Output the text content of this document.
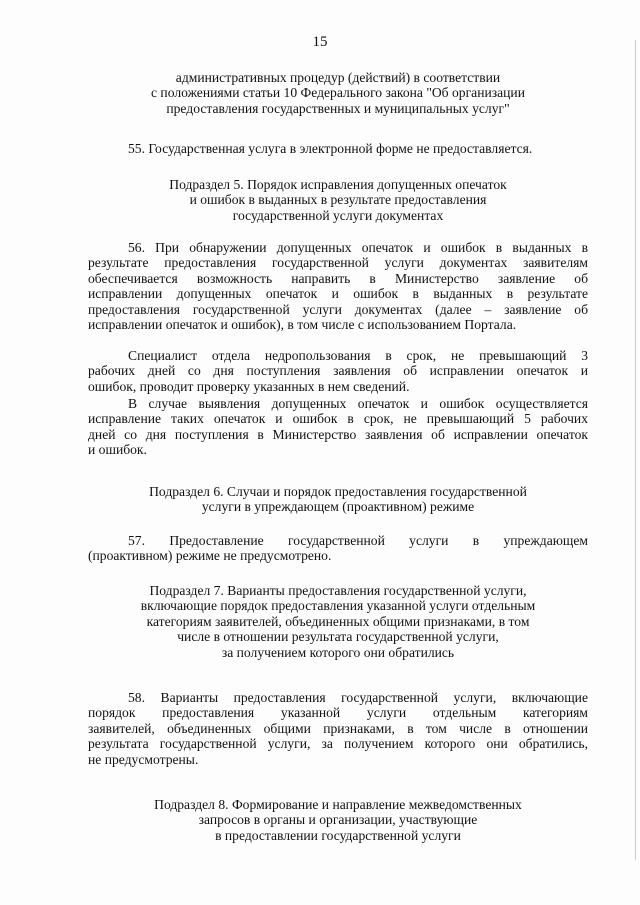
15
административных процедур (действий) в соответствии
с положениями статьи 10 Федерального закона "Об организации
предоставления государственных и муниципальных услуг"
55. Государственная услуга в электронной форме не предоставляется.
Подраздел 5. Порядок исправления допущенных опечаток
и ошибок в выданных в результате предоставления
государственной услуги документах
56. При обнаружении допущенных опечаток и ошибок в выданных в
результате предоставления государственной услуги документах заявителям
обеспечивается возможность направить в Министерство заявление об
исправлении допущенных опечаток и ошибок в выданных в результате
предоставления государственной услуги документах (далее – заявление об
исправлении опечаток и ошибок), в том числе с использованием Портала.
Специалист отдела недропользования в срок, не превышающий 3
рабочих дней со дня поступления заявления об исправлении опечаток и
ошибок, проводит проверку указанных в нем сведений.
В случае выявления допущенных опечаток и ошибок осуществляется
исправление таких опечаток и ошибок в срок, не превышающий 5 рабочих
дней со дня поступления в Министерство заявления об исправлении опечаток
и ошибок.
Подраздел 6. Случаи и порядок предоставления государственной
услуги в упреждающем (проактивном) режиме
57. Предоставление государственной услуги в упреждающем
(проактивном) режиме не предусмотрено.
Подраздел 7. Варианты предоставления государственной услуги,
включающие порядок предоставления указанной услуги отдельным
категориям заявителей, объединенных общими признаками, в том
числе в отношении результата государственной услуги,
за получением которого они обратились
58. Варианты предоставления государственной услуги, включающие
порядок предоставления указанной услуги отдельным категориям
заявителей, объединенных общими признаками, в том числе в отношении
результата государственной услуги, за получением которого они обратились,
не предусмотрены.
Подраздел 8. Формирование и направление межведомственных
запросов в органы и организации, участвующие
в предоставлении государственной услуги
